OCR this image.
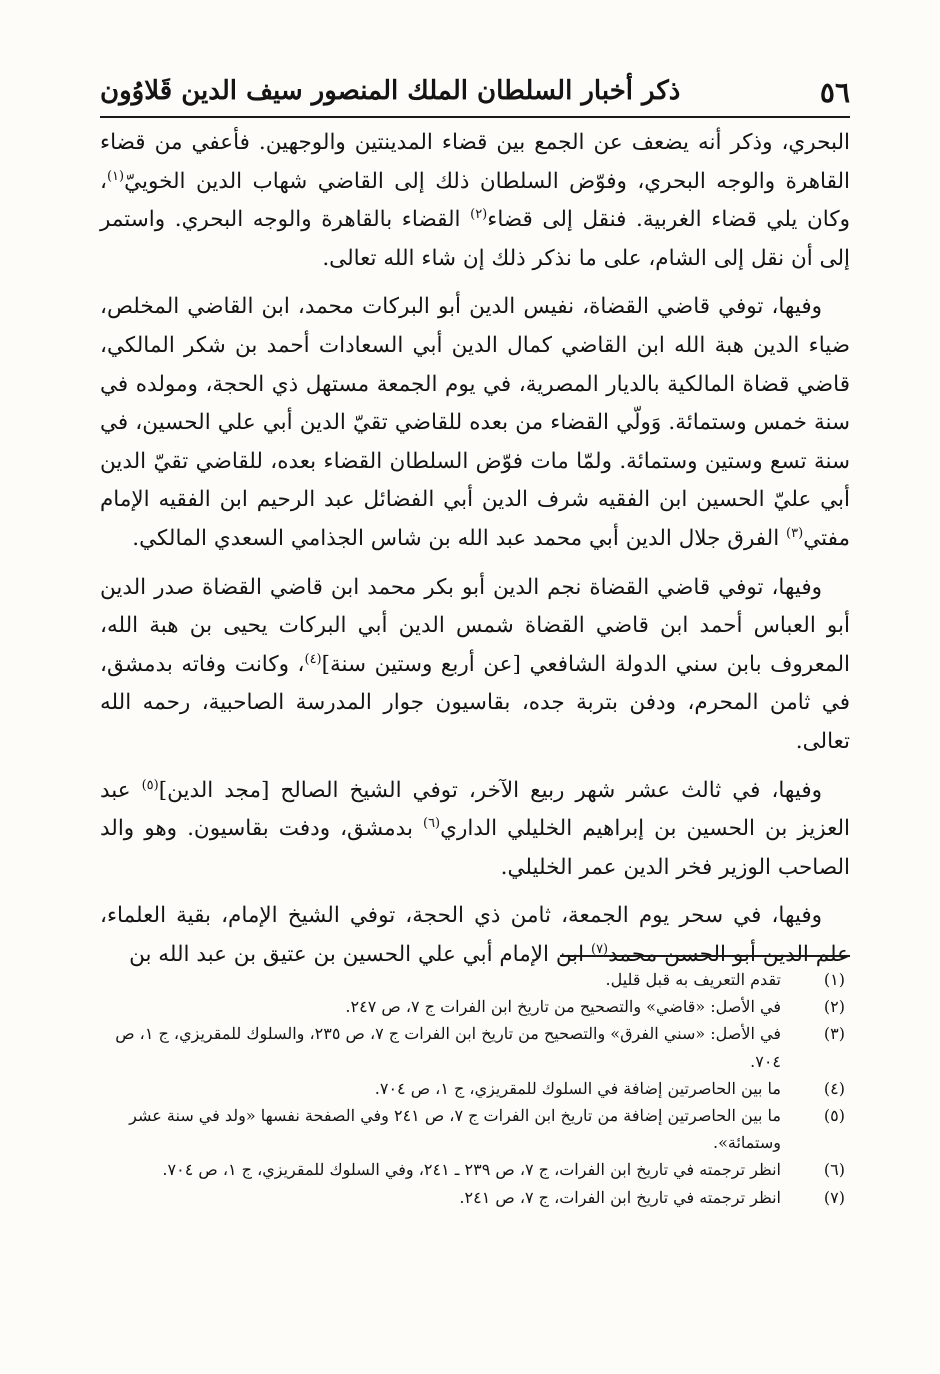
٥٦
ذكر أخبار السلطان الملك المنصور سيف الدين قَلاوُون

البحري، وذكر أنه يضعف عن الجمع بين قضاء المدينتين والوجهين. فأعفي من قضاء القاهرة والوجه البحري، وفوّض السلطان ذلك إلى القاضي شهاب الدين الخوييّ$^{(١)}$، وكان يلي قضاء الغربية. فنقل إلى قضاء$^{(٢)}$ القضاء بالقاهرة والوجه البحري. واستمر إلى أن نقل إلى الشام، على ما نذكر ذلك إن شاء الله تعالى.

وفيها، توفي قاضي القضاة، نفيس الدين أبو البركات محمد، ابن القاضي المخلص، ضياء الدين هبة الله ابن القاضي كمال الدين أبي السعادات أحمد بن شكر المالكي، قاضي قضاة المالكية بالديار المصرية، في يوم الجمعة مستهل ذي الحجة، ومولده في سنة خمس وستمائة. وَولّي القضاء من بعده للقاضي تقيّ الدين أبي علي الحسين، في سنة تسع وستين وستمائة. ولمّا مات فوّض السلطان القضاء بعده، للقاضي تقيّ الدين أبي عليّ الحسين ابن الفقيه شرف الدين أبي الفضائل عبد الرحيم ابن الفقيه الإمام مفتي$^{(٣)}$ الفرق جلال الدين أبي محمد عبد الله بن شاس الجذامي السعدي المالكي.

وفيها، توفي قاضي القضاة نجم الدين أبو بكر محمد ابن قاضي القضاة صدر الدين أبو العباس أحمد ابن قاضي القضاة شمس الدين أبي البركات يحيى بن هبة الله، المعروف بابن سني الدولة الشافعي [عن أربع وستين سنة]$^{(٤)}$، وكانت وفاته بدمشق، في ثامن المحرم، ودفن بتربة جده، بقاسيون جوار المدرسة الصاحبية، رحمه الله تعالى.

وفيها، في ثالث عشر شهر ربيع الآخر، توفي الشيخ الصالح [مجد الدين]$^{(٥)}$ عبد العزيز بن الحسين بن إبراهيم الخليلي الداري$^{(٦)}$ بدمشق، ودفت بقاسيون. وهو والد الصاحب الوزير فخر الدين عمر الخليلي.

وفيها، في سحر يوم الجمعة، ثامن ذي الحجة، توفي الشيخ الإمام، بقية العلماء، علم الدين أبو الحسن محمد$^{(٧)}$ ابن الإمام أبي علي الحسين بن عتيق بن عبد الله بن

(١)
تقدم التعريف به قبل قليل.

(٢)
في الأصل: «قاضي» والتصحيح من تاريخ ابن الفرات ج ٧، ص ٢٤٧.

(٣)
في الأصل: «سني الفرق» والتصحيح من تاريخ ابن الفرات ج ٧، ص ٢٣٥، والسلوك للمقريزي، ج ١، ص ٧٠٤.

(٤)
ما بين الحاصرتين إضافة في السلوك للمقريزي، ج ١، ص ٧٠٤.

(٥)
ما بين الحاصرتين إضافة من تاريخ ابن الفرات ج ٧، ص ٢٤١ وفي الصفحة نفسها «ولد في سنة عشر وستمائة».

(٦)
انظر ترجمته في تاريخ ابن الفرات، ج ٧، ص ٢٣٩ ـ ٢٤١، وفي السلوك للمقريزي، ج ١، ص ٧٠٤.

(٧)
انظر ترجمته في تاريخ ابن الفرات، ج ٧، ص ٢٤١.
